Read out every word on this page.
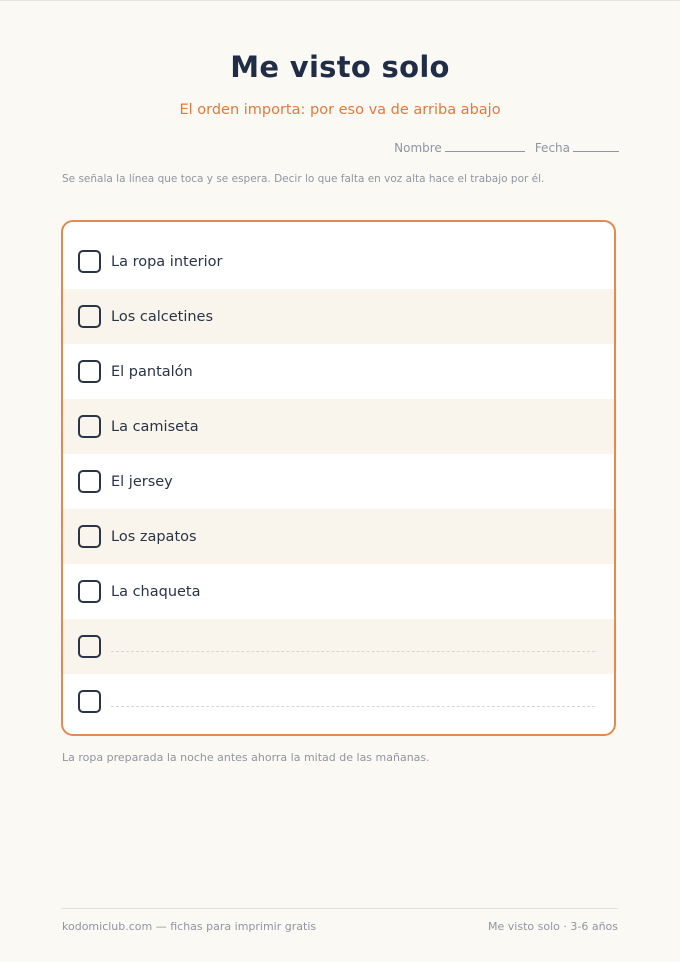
Me visto solo
El orden importa: por eso va de arriba abajo
Nombre	Fecha
Se señala la línea que toca y se espera. Decir lo que falta en voz alta hace el trabajo por él.
La ropa interior
Los calcetines
El pantalón
La camiseta
El jersey
Los zapatos
La chaqueta
La ropa preparada la noche antes ahorra la mitad de las mañanas.
kodomiclub.com — fichas para imprimir gratis	Me visto solo · 3-6 años
